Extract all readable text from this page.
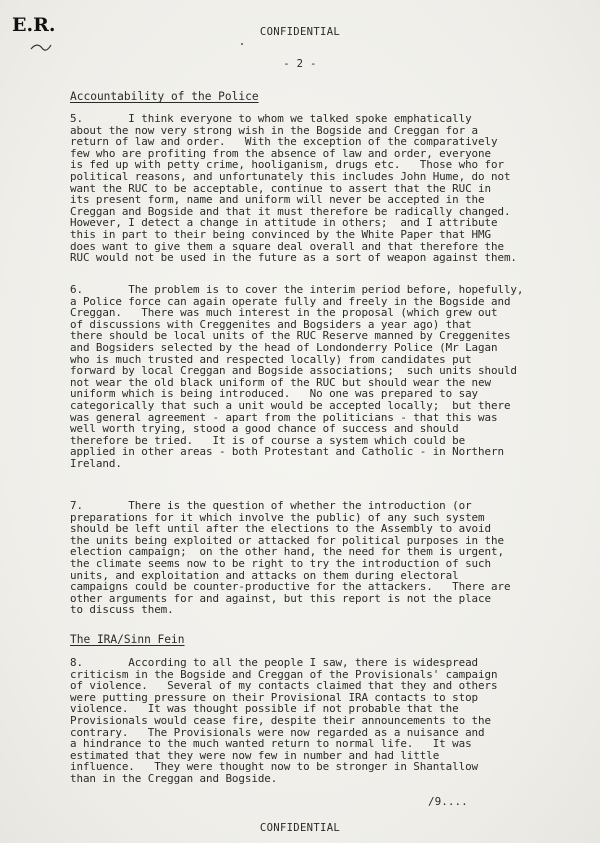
E.R.	CONFIDENTIAL
- 2 -
Accountability of the Police
5.       I think everyone to whom we talked spoke emphatically
about the now very strong wish in the Bogside and Creggan for a
return of law and order.   With the exception of the comparatively
few who are profiting from the absence of law and order, everyone
is fed up with petty crime, hooliganism, drugs etc.   Those who for
political reasons, and unfortunately this includes John Hume, do not
want the RUC to be acceptable, continue to assert that the RUC in
its present form, name and uniform will never be accepted in the
Creggan and Bogside and that it must therefore be radically changed.
However, I detect a change in attitude in others;  and I attribute
this in part to their being convinced by the White Paper that HMG
does want to give them a square deal overall and that therefore the
RUC would not be used in the future as a sort of weapon against them.
6.       The problem is to cover the interim period before, hopefully,
a Police force can again operate fully and freely in the Bogside and
Creggan.   There was much interest in the proposal (which grew out
of discussions with Creggenites and Bogsiders a year ago) that
there should be local units of the RUC Reserve manned by Creggenites
and Bogsiders selected by the head of Londonderry Police (Mr Lagan
who is much trusted and respected locally) from candidates put
forward by local Creggan and Bogside associations;  such units should
not wear the old black uniform of the RUC but should wear the new
uniform which is being introduced.   No one was prepared to say
categorically that such a unit would be accepted locally;  but there
was general agreement - apart from the politicians - that this was
well worth trying, stood a good chance of success and should
therefore be tried.   It is of course a system which could be
applied in other areas - both Protestant and Catholic - in Northern
Ireland.
7.       There is the question of whether the introduction (or
preparations for it which involve the public) of any such system
should be left until after the elections to the Assembly to avoid
the units being exploited or attacked for political purposes in the
election campaign;  on the other hand, the need for them is urgent,
the climate seems now to be right to try the introduction of such
units, and exploitation and attacks on them during electoral
campaigns could be counter-productive for the attackers.   There are
other arguments for and against, but this report is not the place
to discuss them.
The IRA/Sinn Fein
8.       According to all the people I saw, there is widespread
criticism in the Bogside and Creggan of the Provisionals' campaign
of violence.   Several of my contacts claimed that they and others
were putting pressure on their Provisional IRA contacts to stop
violence.   It was thought possible if not probable that the
Provisionals would cease fire, despite their announcements to the
contrary.   The Provisionals were now regarded as a nuisance and
a hindrance to the much wanted return to normal life.   It was
estimated that they were now few in number and had little
influence.   They were thought now to be stronger in Shantallow
than in the Creggan and Bogside.
/9....
CONFIDENTIAL
